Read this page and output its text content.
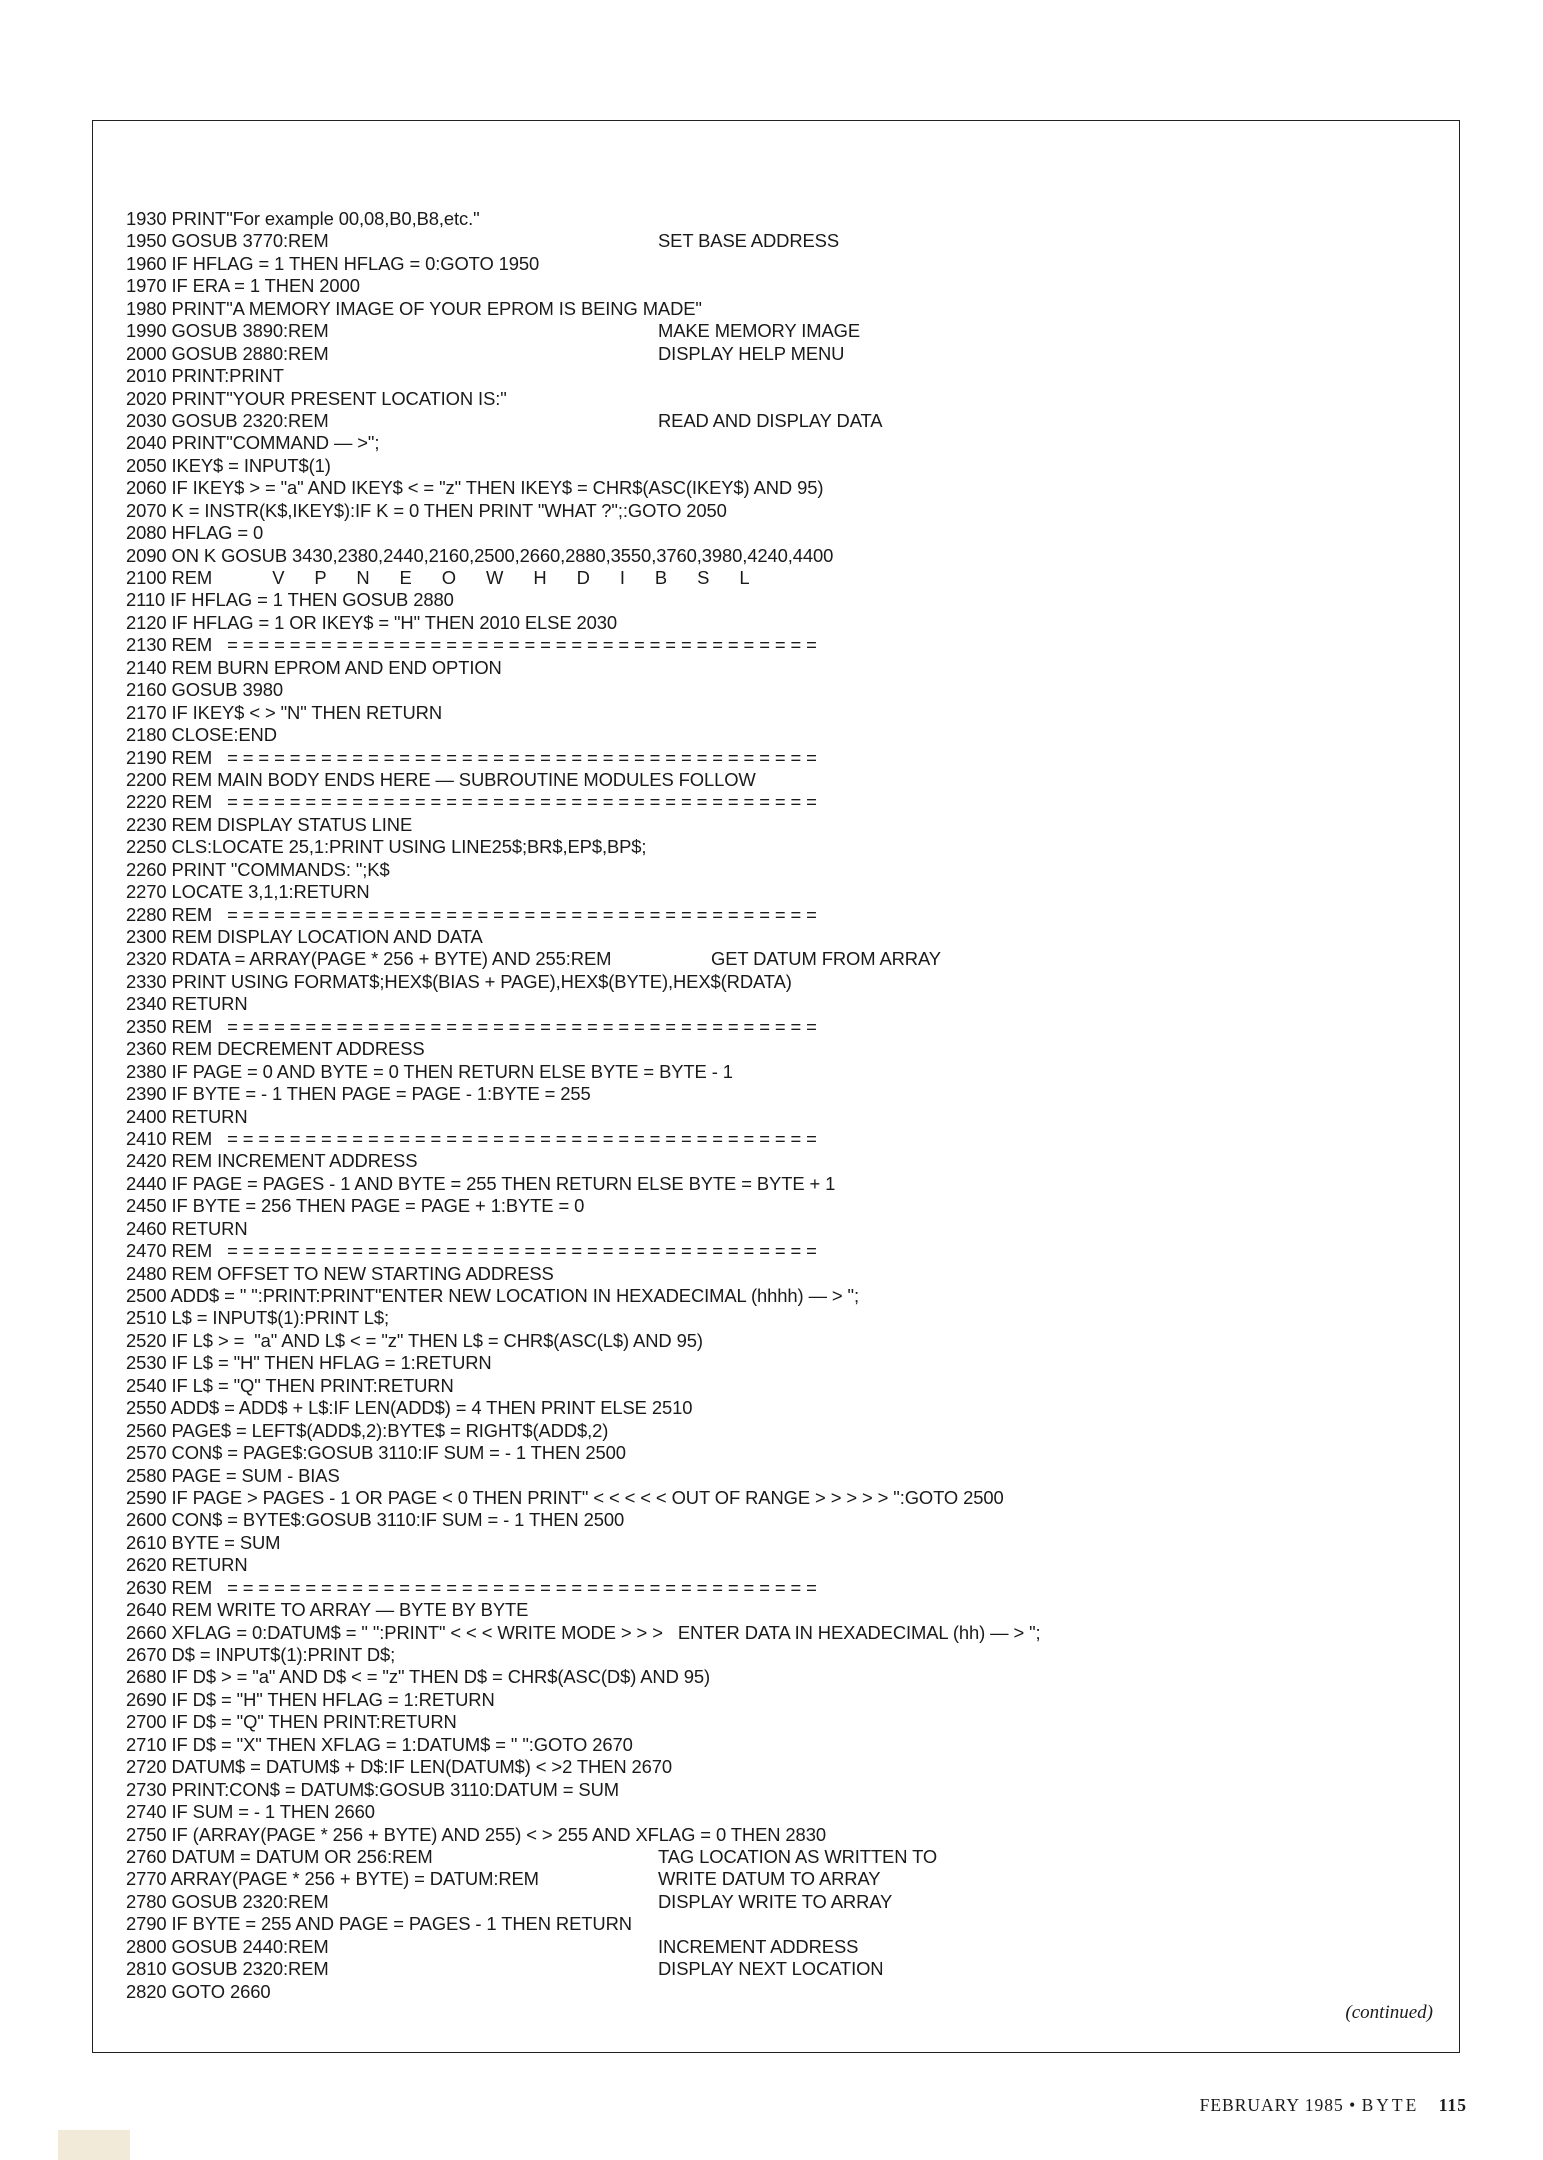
1930 PRINT"For example 00,08,B0,B8,etc."
1950 GOSUB 3770:REM	SET BASE ADDRESS
1960 IF HFLAG = 1 THEN HFLAG = 0:GOTO 1950
1970 IF ERA = 1 THEN 2000
1980 PRINT"A MEMORY IMAGE OF YOUR EPROM IS BEING MADE"
1990 GOSUB 3890:REM	MAKE MEMORY IMAGE
2000 GOSUB 2880:REM	DISPLAY HELP MENU
2010 PRINT:PRINT
2020 PRINT"YOUR PRESENT LOCATION IS:"
2030 GOSUB 2320:REM	READ AND DISPLAY DATA
2040 PRINT"COMMAND — >";
2050 IKEY$ = INPUT$(1)
2060 IF IKEY$ > = "a" AND IKEY$ < = "z" THEN IKEY$ = CHR$(ASC(IKEY$) AND 95)
2070 K = INSTR(K$,IKEY$):IF K = 0 THEN PRINT "WHAT ?";:GOTO 2050
2080 HFLAG = 0
2090 ON K GOSUB 3430,2380,2440,2160,2500,2660,2880,3550,3760,3980,4240,4400
2100 REM            V      P      N      E      O      W      H      D      I      B      S      L
2110 IF HFLAG = 1 THEN GOSUB 2880
2120 IF HFLAG = 1 OR IKEY$ = "H" THEN 2010 ELSE 2030
2130 REM   = = = = = = = = = = = = = = = = = = = = = = = = = = = = = = = = = = = = = =
2140 REM BURN EPROM AND END OPTION
2160 GOSUB 3980
2170 IF IKEY$ < > "N" THEN RETURN
2180 CLOSE:END
2190 REM   = = = = = = = = = = = = = = = = = = = = = = = = = = = = = = = = = = = = = =
2200 REM MAIN BODY ENDS HERE — SUBROUTINE MODULES FOLLOW
2220 REM   = = = = = = = = = = = = = = = = = = = = = = = = = = = = = = = = = = = = = =
2230 REM DISPLAY STATUS LINE
2250 CLS:LOCATE 25,1:PRINT USING LINE25$;BR$,EP$,BP$;
2260 PRINT "COMMANDS: ";K$
2270 LOCATE 3,1,1:RETURN
2280 REM   = = = = = = = = = = = = = = = = = = = = = = = = = = = = = = = = = = = = = =
2300 REM DISPLAY LOCATION AND DATA
2320 RDATA = ARRAY(PAGE * 256 + BYTE) AND 255:REM	GET DATUM FROM ARRAY
2330 PRINT USING FORMAT$;HEX$(BIAS + PAGE),HEX$(BYTE),HEX$(RDATA)
2340 RETURN
2350 REM   = = = = = = = = = = = = = = = = = = = = = = = = = = = = = = = = = = = = = =
2360 REM DECREMENT ADDRESS
2380 IF PAGE = 0 AND BYTE = 0 THEN RETURN ELSE BYTE = BYTE - 1
2390 IF BYTE = - 1 THEN PAGE = PAGE - 1:BYTE = 255
2400 RETURN
2410 REM   = = = = = = = = = = = = = = = = = = = = = = = = = = = = = = = = = = = = = =
2420 REM INCREMENT ADDRESS
2440 IF PAGE = PAGES - 1 AND BYTE = 255 THEN RETURN ELSE BYTE = BYTE + 1
2450 IF BYTE = 256 THEN PAGE = PAGE + 1:BYTE = 0
2460 RETURN
2470 REM   = = = = = = = = = = = = = = = = = = = = = = = = = = = = = = = = = = = = = =
2480 REM OFFSET TO NEW STARTING ADDRESS
2500 ADD$ = " ":PRINT:PRINT"ENTER NEW LOCATION IN HEXADECIMAL (hhhh) — > ";
2510 L$ = INPUT$(1):PRINT L$;
2520 IF L$ > =  "a" AND L$ < = "z" THEN L$ = CHR$(ASC(L$) AND 95)
2530 IF L$ = "H" THEN HFLAG = 1:RETURN
2540 IF L$ = "Q" THEN PRINT:RETURN
2550 ADD$ = ADD$ + L$:IF LEN(ADD$) = 4 THEN PRINT ELSE 2510
2560 PAGE$ = LEFT$(ADD$,2):BYTE$ = RIGHT$(ADD$,2)
2570 CON$ = PAGE$:GOSUB 3110:IF SUM = - 1 THEN 2500
2580 PAGE = SUM - BIAS
2590 IF PAGE > PAGES - 1 OR PAGE < 0 THEN PRINT" < < < < < OUT OF RANGE > > > > > ":GOTO 2500
2600 CON$ = BYTE$:GOSUB 3110:IF SUM = - 1 THEN 2500
2610 BYTE = SUM
2620 RETURN
2630 REM   = = = = = = = = = = = = = = = = = = = = = = = = = = = = = = = = = = = = = =
2640 REM WRITE TO ARRAY — BYTE BY BYTE
2660 XFLAG = 0:DATUM$ = " ":PRINT" < < < WRITE MODE > > >   ENTER DATA IN HEXADECIMAL (hh) — > ";
2670 D$ = INPUT$(1):PRINT D$;
2680 IF D$ > = "a" AND D$ < = "z" THEN D$ = CHR$(ASC(D$) AND 95)
2690 IF D$ = "H" THEN HFLAG = 1:RETURN
2700 IF D$ = "Q" THEN PRINT:RETURN
2710 IF D$ = "X" THEN XFLAG = 1:DATUM$ = " ":GOTO 2670
2720 DATUM$ = DATUM$ + D$:IF LEN(DATUM$) < >2 THEN 2670
2730 PRINT:CON$ = DATUM$:GOSUB 3110:DATUM = SUM
2740 IF SUM = - 1 THEN 2660
2750 IF (ARRAY(PAGE * 256 + BYTE) AND 255) < > 255 AND XFLAG = 0 THEN 2830
2760 DATUM = DATUM OR 256:REM	TAG LOCATION AS WRITTEN TO
2770 ARRAY(PAGE * 256 + BYTE) = DATUM:REM	WRITE DATUM TO ARRAY
2780 GOSUB 2320:REM	DISPLAY WRITE TO ARRAY
2790 IF BYTE = 255 AND PAGE = PAGES - 1 THEN RETURN
2800 GOSUB 2440:REM	INCREMENT ADDRESS
2810 GOSUB 2320:REM	DISPLAY NEXT LOCATION
2820 GOTO 2660
(continued)
FEBRUARY 1985 • BYTE 115
